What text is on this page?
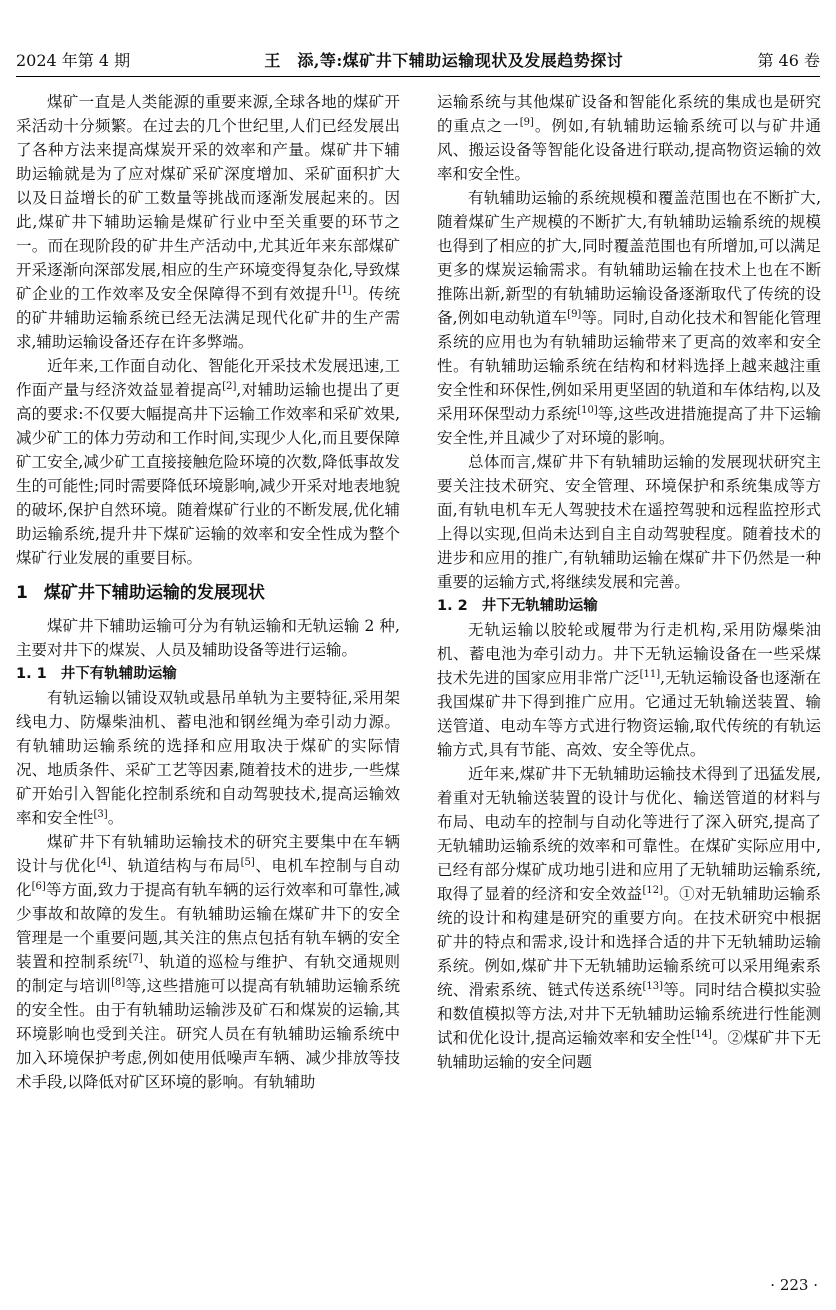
2024 年第 4 期	王　添,等:煤矿井下辅助运输现状及发展趋势探讨	第 46 卷

煤矿一直是人类能源的重要来源,全球各地的煤矿开采活动十分频繁。在过去的几个世纪里,人们已经发展出了各种方法来提高煤炭开采的效率和产量。煤矿井下辅助运输就是为了应对煤矿采矿深度增加、采矿面积扩大以及日益增长的矿工数量等挑战而逐渐发展起来的。因此,煤矿井下辅助运输是煤矿行业中至关重要的环节之一。而在现阶段的矿井生产活动中,尤其近年来东部煤矿开采逐渐向深部发展,相应的生产环境变得复杂化,导致煤矿企业的工作效率及安全保障得不到有效提升[1]。传统的矿井辅助运输系统已经无法满足现代化矿井的生产需求,辅助运输设备还存在许多弊端。

近年来,工作面自动化、智能化开采技术发展迅速,工作面产量与经济效益显着提高[2],对辅助运输也提出了更高的要求:不仅要大幅提高井下运输工作效率和采矿效果,减少矿工的体力劳动和工作时间,实现少人化,而且要保障矿工安全,减少矿工直接接触危险环境的次数,降低事故发生的可能性;同时需要降低环境影响,减少开采对地表地貌的破坏,保护自然环境。随着煤矿行业的不断发展,优化辅助运输系统,提升井下煤矿运输的效率和安全性成为整个煤矿行业发展的重要目标。

1 煤矿井下辅助运输的发展现状

煤矿井下辅助运输可分为有轨运输和无轨运输 2 种,主要对井下的煤炭、人员及辅助设备等进行运输。

1. 1 井下有轨辅助运输

有轨运输以铺设双轨或悬吊单轨为主要特征,采用架线电力、防爆柴油机、蓄电池和钢丝绳为牵引动力源。有轨辅助运输系统的选择和应用取决于煤矿的实际情况、地质条件、采矿工艺等因素,随着技术的进步,一些煤矿开始引入智能化控制系统和自动驾驶技术,提高运输效率和安全性[3]。

煤矿井下有轨辅助运输技术的研究主要集中在车辆设计与优化[4]、轨道结构与布局[5]、电机车控制与自动化[6]等方面,致力于提高有轨车辆的运行效率和可靠性,减少事故和故障的发生。有轨辅助运输在煤矿井下的安全管理是一个重要问题,其关注的焦点包括有轨车辆的安全装置和控制系统[7]、轨道的巡检与维护、有轨交通规则的制定与培训[8]等,这些措施可以提高有轨辅助运输系统的安全性。由于有轨辅助运输涉及矿石和煤炭的运输,其环境影响也受到关注。研究人员在有轨辅助运输系统中加入环境保护考虑,例如使用低噪声车辆、减少排放等技术手段,以降低对矿区环境的影响。有轨辅助

运输系统与其他煤矿设备和智能化系统的集成也是研究的重点之一[9]。例如,有轨辅助运输系统可以与矿井通风、搬运设备等智能化设备进行联动,提高物资运输的效率和安全性。

有轨辅助运输的系统规模和覆盖范围也在不断扩大,随着煤矿生产规模的不断扩大,有轨辅助运输系统的规模也得到了相应的扩大,同时覆盖范围也有所增加,可以满足更多的煤炭运输需求。有轨辅助运输在技术上也在不断推陈出新,新型的有轨辅助运输设备逐渐取代了传统的设备,例如电动轨道车[9]等。同时,自动化技术和智能化管理系统的应用也为有轨辅助运输带来了更高的效率和安全性。有轨辅助运输系统在结构和材料选择上越来越注重安全性和环保性,例如采用更坚固的轨道和车体结构,以及采用环保型动力系统[10]等,这些改进措施提高了井下运输安全性,并且减少了对环境的影响。

总体而言,煤矿井下有轨辅助运输的发展现状研究主要关注技术研究、安全管理、环境保护和系统集成等方面,有轨电机车无人驾驶技术在遥控驾驶和远程监控形式上得以实现,但尚未达到自主自动驾驶程度。随着技术的进步和应用的推广,有轨辅助运输在煤矿井下仍然是一种重要的运输方式,将继续发展和完善。

1. 2 井下无轨辅助运输

无轨运输以胶轮或履带为行走机构,采用防爆柴油机、蓄电池为牵引动力。井下无轨运输设备在一些采煤技术先进的国家应用非常广泛[11],无轨运输设备也逐渐在我国煤矿井下得到推广应用。它通过无轨输送装置、输送管道、电动车等方式进行物资运输,取代传统的有轨运输方式,具有节能、高效、安全等优点。

近年来,煤矿井下无轨辅助运输技术得到了迅猛发展,着重对无轨输送装置的设计与优化、输送管道的材料与布局、电动车的控制与自动化等进行了深入研究,提高了无轨辅助运输系统的效率和可靠性。在煤矿实际应用中,已经有部分煤矿成功地引进和应用了无轨辅助运输系统,取得了显着的经济和安全效益[12]。①对无轨辅助运输系统的设计和构建是研究的重要方向。在技术研究中根据矿井的特点和需求,设计和选择合适的井下无轨辅助运输系统。例如,煤矿井下无轨辅助运输系统可以采用绳索系统、滑索系统、链式传送系统[13]等。同时结合模拟实验和数值模拟等方法,对井下无轨辅助运输系统进行性能测试和优化设计,提高运输效率和安全性[14]。②煤矿井下无轨辅助运输的安全问题

· 223 ·
